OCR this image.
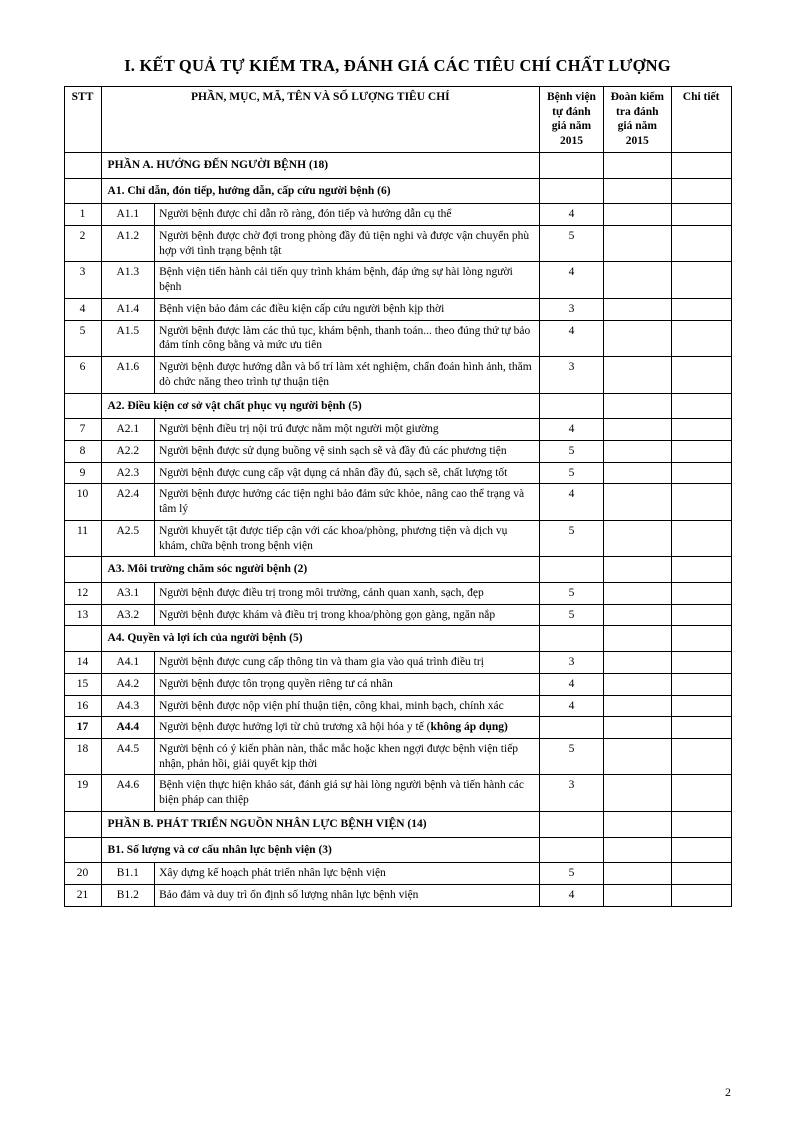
I. KẾT QUẢ TỰ KIỂM TRA, ĐÁNH GIÁ CÁC TIÊU CHÍ CHẤT LƯỢNG
STT	PHẦN, MỤC, MÃ, TÊN VÀ SỐ LƯỢNG TIÊU CHÍ		Bệnh viện tự đánh giá năm 2015	Đoàn kiểm tra đánh giá năm 2015	Chi tiết
	PHẦN A. HƯỚNG ĐẾN NGƯỜI BỆNH (18)				
	A1. Chỉ dẫn, đón tiếp, hướng dẫn, cấp cứu người bệnh (6)				
1	A1.1	Người bệnh được chỉ dẫn rõ ràng, đón tiếp và hướng dẫn cụ thể	4		
2	A1.2	Người bệnh được chờ đợi trong phòng đầy đủ tiện nghi và được vận chuyển phù hợp với tình trạng bệnh tật	5		
3	A1.3	Bệnh viện tiến hành cải tiến quy trình khám bệnh, đáp ứng sự hài lòng người bệnh	4		
4	A1.4	Bệnh viện bảo đảm các điều kiện cấp cứu người bệnh kịp thời	3		
5	A1.5	Người bệnh được làm các thủ tục, khám bệnh, thanh toán... theo đúng thứ tự bảo đảm tính công bằng và mức ưu tiên	4		
6	A1.6	Người bệnh được hướng dẫn và bố trí làm xét nghiệm, chẩn đoán hình ảnh, thăm dò chức năng theo trình tự thuận tiện	3		
	A2. Điều kiện cơ sở vật chất phục vụ người bệnh (5)				
7	A2.1	Người bệnh điều trị nội trú được nằm một người một giường	4		
8	A2.2	Người bệnh được sử dụng buồng vệ sinh sạch sẽ và đầy đủ các phương tiện	5		
9	A2.3	Người bệnh được cung cấp vật dụng cá nhân đầy đủ, sạch sẽ, chất lượng tốt	5		
10	A2.4	Người bệnh được hưởng các tiện nghi bảo đảm sức khỏe, nâng cao thể trạng và tâm lý	4		
11	A2.5	Người khuyết tật được tiếp cận với các khoa/phòng, phương tiện và dịch vụ khám, chữa bệnh trong bệnh viện	5		
	A3. Môi trường chăm sóc người bệnh (2)				
12	A3.1	Người bệnh được điều trị trong môi trường, cảnh quan xanh, sạch, đẹp	5		
13	A3.2	Người bệnh được khám và điều trị trong khoa/phòng gọn gàng, ngăn nắp	5		
	A4. Quyền và lợi ích của người bệnh (5)				
14	A4.1	Người bệnh được cung cấp thông tin và tham gia vào quá trình điều trị	3		
15	A4.2	Người bệnh được tôn trọng quyền riêng tư cá nhân	4		
16	A4.3	Người bệnh được nộp viện phí thuận tiện, công khai, minh bạch, chính xác	4		
17	A4.4	Người bệnh được hưởng lợi từ chủ trương xã hội hóa y tế (không áp dụng)			
18	A4.5	Người bệnh có ý kiến phàn nàn, thắc mắc hoặc khen ngợi được bệnh viện tiếp nhận, phản hồi, giải quyết kịp thời	5		
19	A4.6	Bệnh viện thực hiện khảo sát, đánh giá sự hài lòng người bệnh và tiến hành các biện pháp can thiệp	3		
	PHẦN B. PHÁT TRIỂN NGUỒN NHÂN LỰC BỆNH VIỆN (14)				
	B1. Số lượng và cơ cấu nhân lực bệnh viện (3)				
20	B1.1	Xây dựng kế hoạch phát triển nhân lực bệnh viện	5		
21	B1.2	Bảo đảm và duy trì ổn định số lượng nhân lực bệnh viện	4		
2
